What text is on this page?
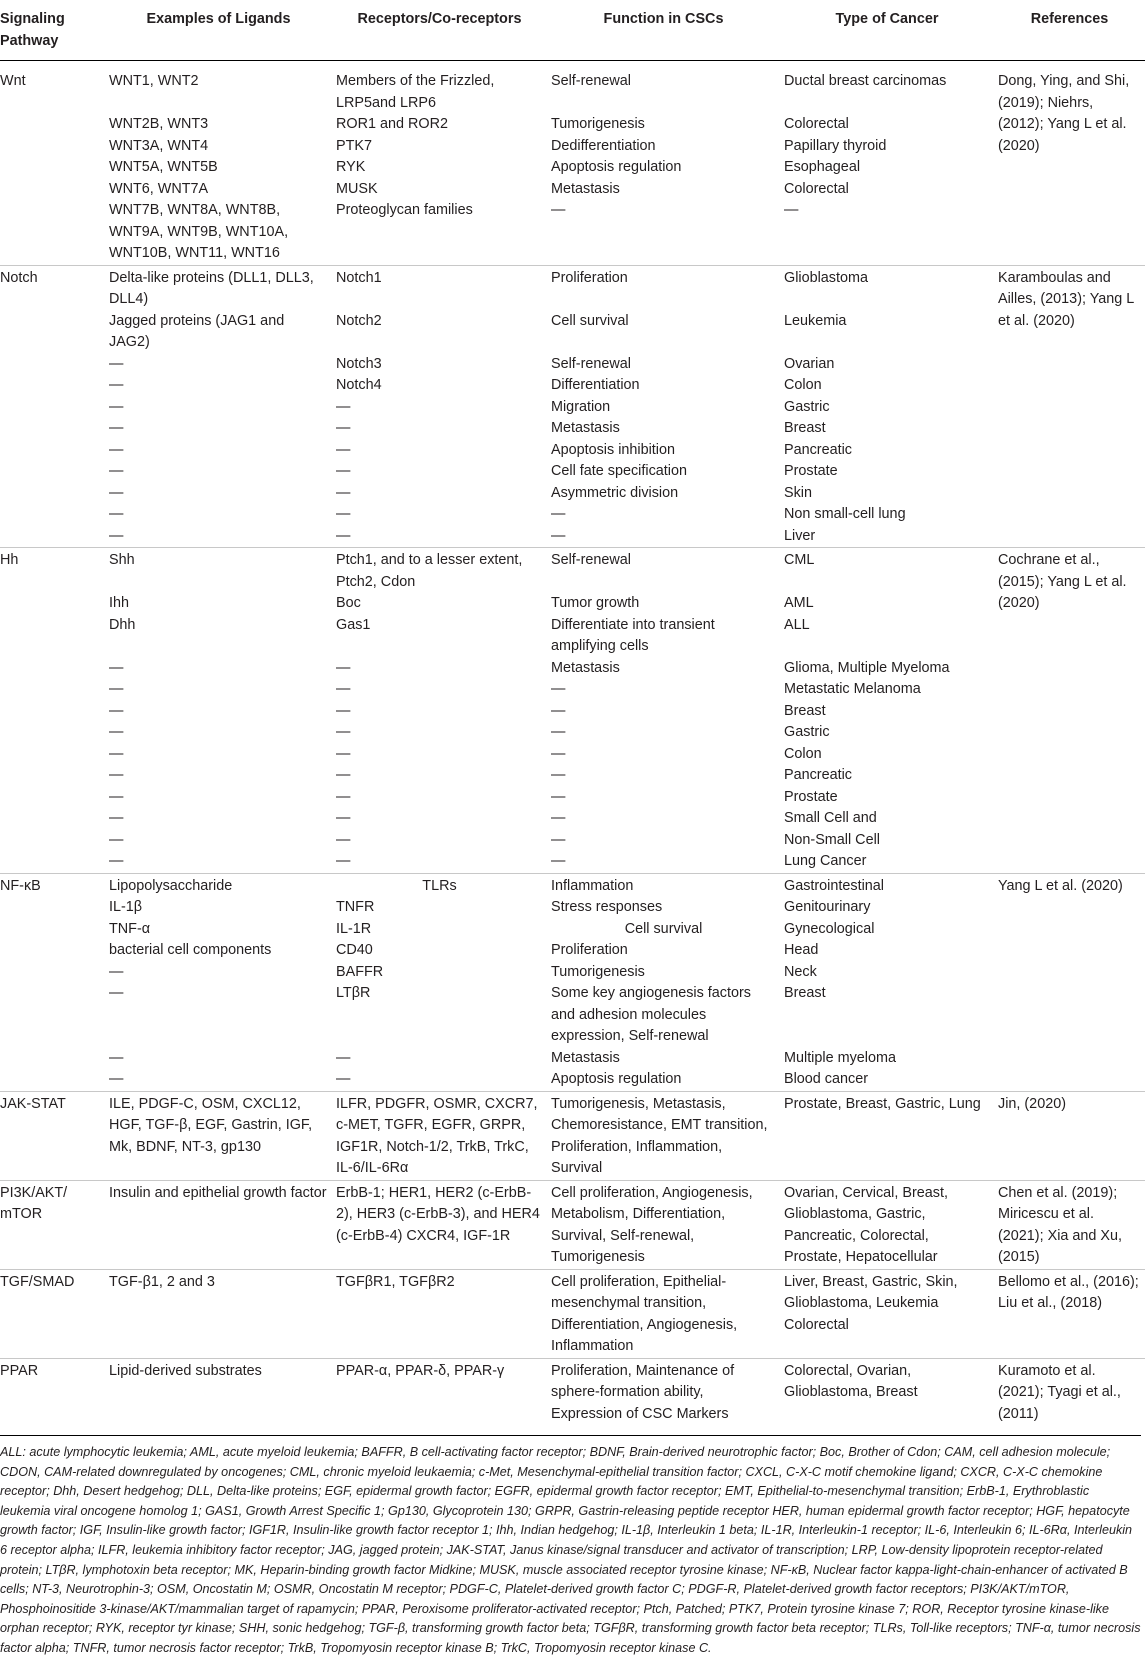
Signaling Pathway	Examples of Ligands	Receptors/Co-receptors	Function in CSCs	Type of Cancer	References
Wnt	WNT1, WNT2	Members of the Frizzled, LRP5and LRP6	Self-renewal	Ductal breast carcinomas	Dong, Ying, and Shi, (2019); Niehrs, (2012); Yang L et al. (2020)
	WNT2B, WNT3	ROR1 and ROR2	Tumorigenesis	Colorectal	
	WNT3A, WNT4	PTK7	Dedifferentiation	Papillary thyroid	
	WNT5A, WNT5B	RYK	Apoptosis regulation	Esophageal	
	WNT6, WNT7A	MUSK	Metastasis	Colorectal	
	WNT7B, WNT8A, WNT8B, WNT9A, WNT9B, WNT10A, WNT10B, WNT11, WNT16	Proteoglycan families	—	—	
Notch	Delta-like proteins (DLL1, DLL3, DLL4)	Notch1	Proliferation	Glioblastoma	Karamboulas and Ailles, (2013); Yang L et al. (2020)
	Jagged proteins (JAG1 and JAG2)	Notch2	Cell survival	Leukemia	
	—	Notch3	Self-renewal	Ovarian	
	—	Notch4	Differentiation	Colon	
	—	—	Migration	Gastric	
	—	—	Metastasis	Breast	
	—	—	Apoptosis inhibition	Pancreatic	
	—	—	Cell fate specification	Prostate	
	—	—	Asymmetric division	Skin	
	—	—	—	Non small-cell lung	
	—	—	—	Liver	
Hh	Shh	Ptch1, and to a lesser extent, Ptch2, Cdon	Self-renewal	CML	Cochrane et al., (2015); Yang L et al. (2020)
	Ihh	Boc	Tumor growth	AML	
	Dhh	Gas1	Differentiate into transient amplifying cells	ALL	
	—	—	Metastasis	Glioma, Multiple Myeloma	
	—	—	—	Metastatic Melanoma	
	—	—	—	Breast	
	—	—	—	Gastric	
	—	—	—	Colon	
	—	—	—	Pancreatic	
	—	—	—	Prostate	
	—	—	—	Small Cell and	
	—	—	—	Non-Small Cell	
	—	—	—	Lung Cancer	
NF-κB	Lipopolysaccharide	TLRs	Inflammation	Gastrointestinal	Yang L et al. (2020)
	IL-1β	TNFR	Stress responses	Genitourinary	
	TNF-α	IL-1R	Cell survival	Gynecological	
	bacterial cell components	CD40	Proliferation	Head	
	—	BAFFR	Tumorigenesis	Neck	
	—	LTβR	Some key angiogenesis factors and adhesion molecules expression, Self-renewal	Breast	
	—	—	Metastasis	Multiple myeloma	
	—	—	Apoptosis regulation	Blood cancer	
JAK-STAT	ILE, PDGF-C, OSM, CXCL12, HGF, TGF-β, EGF, Gastrin, IGF, Mk, BDNF, NT-3, gp130	ILFR, PDGFR, OSMR, CXCR7, c-MET, TGFR, EGFR, GRPR, IGF1R, Notch-1/2, TrkB, TrkC, IL-6/IL-6Rα	Tumorigenesis, Metastasis, Chemoresistance, EMT transition, Proliferation, Inflammation, Survival	Prostate, Breast, Gastric, Lung	Jin, (2020)
PI3K/AKT/ mTOR	Insulin and epithelial growth factor	ErbB-1; HER1, HER2 (c-ErbB-2), HER3 (c-ErbB-3), and HER4 (c-ErbB-4) CXCR4, IGF-1R	Cell proliferation, Angiogenesis, Metabolism, Differentiation, Survival, Self-renewal, Tumorigenesis	Ovarian, Cervical, Breast, Glioblastoma, Gastric, Pancreatic, Colorectal, Prostate, Hepatocellular	Chen et al. (2019); Miricescu et al. (2021); Xia and Xu, (2015)
TGF/SMAD	TGF-β1, 2 and 3	TGFβR1, TGFβR2	Cell proliferation, Epithelial-mesenchymal transition, Differentiation, Angiogenesis, Inflammation	Liver, Breast, Gastric, Skin, Glioblastoma, Leukemia Colorectal	Bellomo et al., (2016); Liu et al., (2018)
PPAR	Lipid-derived substrates	PPAR-α, PPAR-δ, PPAR-γ	Proliferation, Maintenance of sphere-formation ability, Expression of CSC Markers	Colorectal, Ovarian, Glioblastoma, Breast	Kuramoto et al. (2021); Tyagi et al., (2011)
ALL: acute lymphocytic leukemia; AML, acute myeloid leukemia; BAFFR, B cell-activating factor receptor; BDNF, Brain-derived neurotrophic factor; Boc, Brother of Cdon; CAM, cell adhesion molecule; CDON, CAM-related downregulated by oncogenes; CML, chronic myeloid leukaemia; c-Met, Mesenchymal-epithelial transition factor; CXCL, C-X-C motif chemokine ligand; CXCR, C-X-C chemokine receptor; Dhh, Desert hedgehog; DLL, Delta-like proteins; EGF, epidermal growth factor; EGFR, epidermal growth factor receptor; EMT, Epithelial-to-mesenchymal transition; ErbB-1, Erythroblastic leukemia viral oncogene homolog 1; GAS1, Growth Arrest Specific 1; Gp130, Glycoprotein 130; GRPR, Gastrin-releasing peptide receptor HER, human epidermal growth factor receptor; HGF, hepatocyte growth factor; IGF, Insulin-like growth factor; IGF1R, Insulin-like growth factor receptor 1; Ihh, Indian hedgehog; IL-1β, Interleukin 1 beta; IL-1R, Interleukin-1 receptor; IL-6, Interleukin 6; IL-6Rα, Interleukin 6 receptor alpha; ILFR, leukemia inhibitory factor receptor; JAG, jagged protein; JAK-STAT, Janus kinase/signal transducer and activator of transcription; LRP, Low-density lipoprotein receptor-related protein; LTβR, lymphotoxin beta receptor; MK, Heparin-binding growth factor Midkine; MUSK, muscle associated receptor tyrosine kinase; NF-κB, Nuclear factor kappa-light-chain-enhancer of activated B cells; NT-3, Neurotrophin-3; OSM, Oncostatin M; OSMR, Oncostatin M receptor; PDGF-C, Platelet-derived growth factor C; PDGF-R, Platelet-derived growth factor receptors; PI3K/AKT/mTOR, Phosphoinositide 3-kinase/AKT/mammalian target of rapamycin; PPAR, Peroxisome proliferator-activated receptor; Ptch, Patched; PTK7, Protein tyrosine kinase 7; ROR, Receptor tyrosine kinase-like orphan receptor; RYK, receptor tyr kinase; SHH, sonic hedgehog; TGF-β, transforming growth factor beta; TGFβR, transforming growth factor beta receptor; TLRs, Toll-like receptors; TNF-α, tumor necrosis factor alpha; TNFR, tumor necrosis factor receptor; TrkB, Tropomyosin receptor kinase B; TrkC, Tropomyosin receptor kinase C.
